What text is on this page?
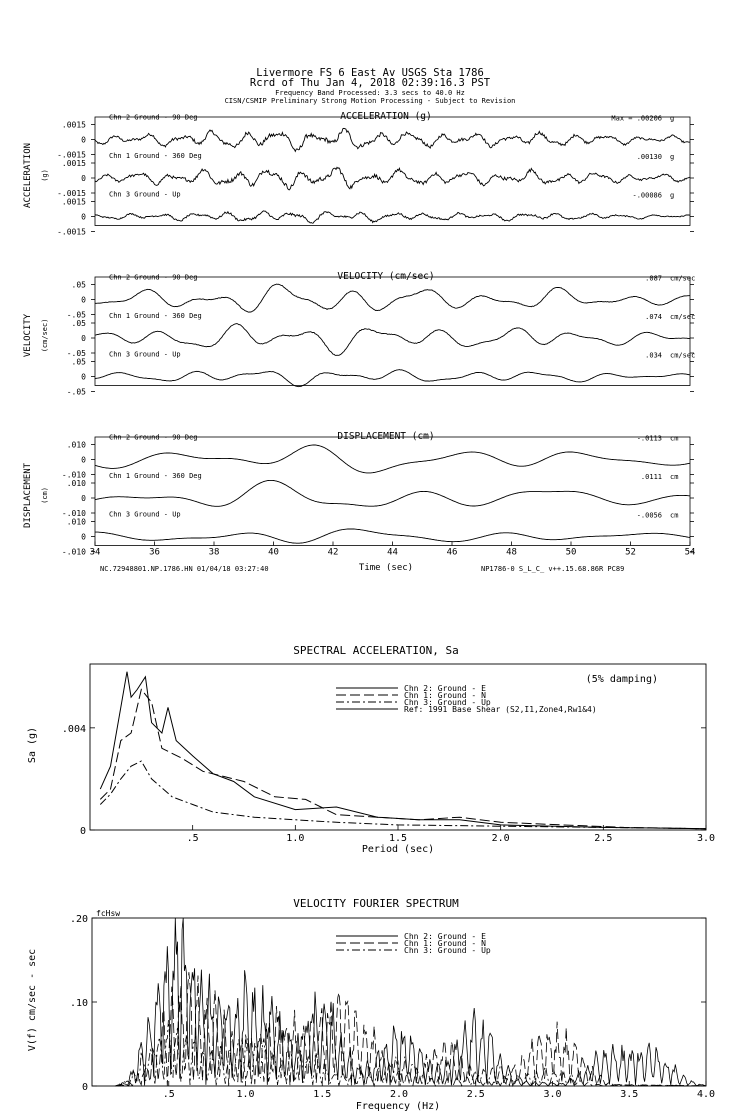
Livermore FS 6 East Av USGS Sta 1786
Rcrd of Thu Jan 4, 2018 02:39:16.3 PST
Frequency Band Processed: 3.3 secs to 40.0 Hz
CISN/CSMIP Preliminary Strong Motion Processing - Subject to Revision
ACCELERATION (g)
ACCELERATION (g)
.0015
0
-.0015
Chn 2 Ground - 90 Deg	Max = .00206 g
.0015
0
-.0015
Chn 1 Ground - 360 Deg	.00130 g
.0015
0
-.0015
Chn 3 Ground - Up	-.00086 g
VELOCITY (cm/sec)
VELOCITY (cm/sec)
.05
0
-.05
Chn 2 Ground - 90 Deg	.087 cm/sec
.05
0
-.05
Chn 1 Ground - 360 Deg	.074 cm/sec
.05
0
-.05
Chn 3 Ground - Up	.034 cm/sec
DISPLACEMENT (cm)
DISPLACEMENT (cm)
.010
0
-.010
Chn 2 Ground - 90 Deg	-.0113 cm
.010
0
-.010
Chn 1 Ground - 360 Deg	.0111 cm
.010
0
-.010
Chn 3 Ground - Up	-.0056 cm
34	36	38	40	42	44	46	48	50	52	54
SPECTRAL ACCELERATION, Sa
(5% damping)
.5	1.0	1.5	2.0	2.5	3.0
.004
0
Period (sec)
Sa (g)
Chn 2: Ground - E
Chn 1: Ground - N
Chn 3: Ground - Up
Ref: 1991 Base Shear (S2,I1,Zone4,Rw1&4)
VELOCITY FOURIER SPECTRUM
fcHsw
.5	1.0	1.5	2.0	2.5	3.0	3.5	4.0
.20
.10
0
Frequency (Hz)
V(f) cm/sec - sec
Chn 2: Ground - E
Chn 1: Ground - N
Chn 3: Ground - Up
NC.72948801.NP.1786.HN 01/04/18 03:27:40	Time (sec)	NP1786-0 S_L_C_ v++.15.68.86R PC89
